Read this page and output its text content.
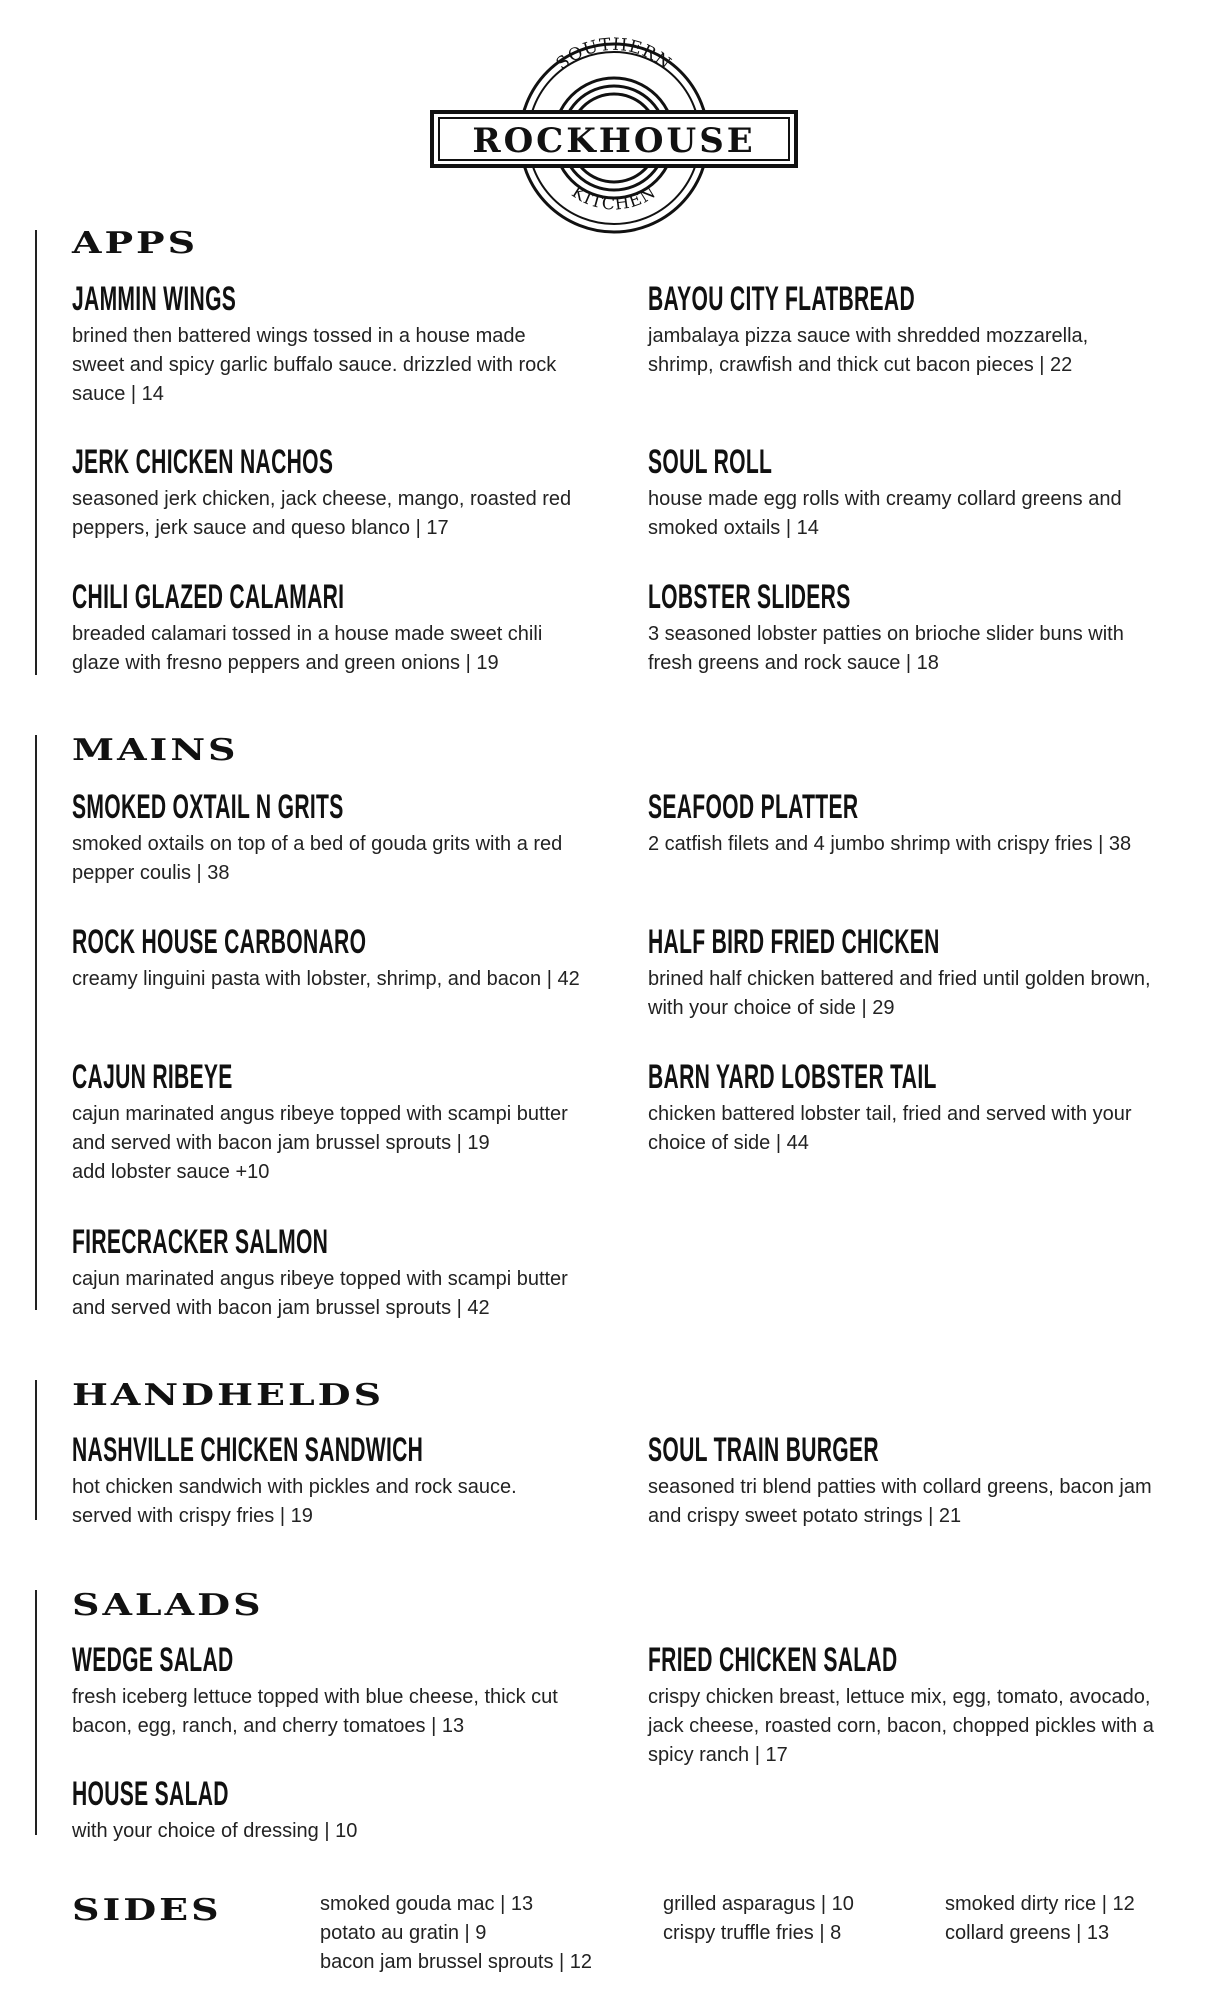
SOUTHERN
KITCHEN
ROCKHOUSE
APPS
JAMMIN WINGS
brined then battered wings tossed in a house made sweet and spicy garlic buffalo sauce. drizzled with rock sauce | 14
BAYOU CITY FLATBREAD
jambalaya pizza sauce with shredded mozzarella, shrimp, crawfish and thick cut bacon pieces | 22
JERK CHICKEN NACHOS
seasoned jerk chicken, jack cheese, mango, roasted red peppers, jerk sauce and queso blanco | 17
SOUL ROLL
house made egg rolls with creamy collard greens and smoked oxtails | 14
CHILI GLAZED CALAMARI
breaded calamari tossed in a house made sweet chili glaze with fresno peppers and green onions | 19
LOBSTER SLIDERS
3 seasoned lobster patties on brioche slider buns with fresh greens and rock sauce | 18
MAINS
SMOKED OXTAIL N GRITS
smoked oxtails on top of a bed of gouda grits with a red pepper coulis | 38
SEAFOOD PLATTER
2 catfish filets and 4 jumbo shrimp with crispy fries | 38
ROCK HOUSE CARBONARO
creamy linguini pasta with lobster, shrimp, and bacon | 42
HALF BIRD FRIED CHICKEN
brined half chicken battered and fried until golden brown, with your choice of side | 29
CAJUN RIBEYE
cajun marinated angus ribeye topped with scampi butter and served with bacon jam brussel sprouts | 19
add lobster sauce +10
BARN YARD LOBSTER TAIL
chicken battered lobster tail, fried and served with your choice of side | 44
FIRECRACKER SALMON
cajun marinated angus ribeye topped with scampi butter and served with bacon jam brussel sprouts | 42
HANDHELDS
NASHVILLE CHICKEN SANDWICH
hot chicken sandwich with pickles and rock sauce. served with crispy fries | 19
SOUL TRAIN BURGER
seasoned tri blend patties with collard greens, bacon jam and crispy sweet potato strings | 21
SALADS
WEDGE SALAD
fresh iceberg lettuce topped with blue cheese, thick cut bacon, egg, ranch, and cherry tomatoes | 13
FRIED CHICKEN SALAD
crispy chicken breast, lettuce mix, egg, tomato, avocado, jack cheese, roasted corn, bacon, chopped pickles with a spicy ranch | 17
HOUSE SALAD
with your choice of dressing | 10
SIDES	smoked gouda mac | 13
potato au gratin | 9
bacon jam brussel sprouts | 12
grilled asparagus | 10
crispy truffle fries | 8
smoked dirty rice | 12
collard greens | 13
